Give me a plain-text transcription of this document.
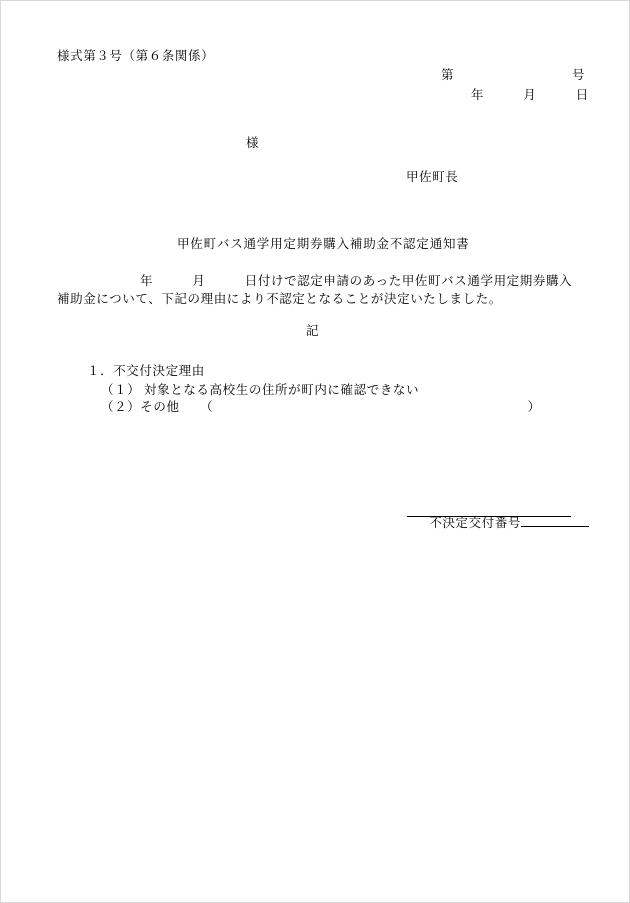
様式第３号（第６条関係）
第　　　　　　　　　号
年　　　月　　　日
様
甲佐町長
甲佐町バス通学用定期券購入補助金不認定通知書
年　　　月　　　日付けで認定申請のあった甲佐町バス通学用定期券購入
補助金について、下記の理由により不認定となることが決定いたしました。
記
１．不交付決定理由
（１） 対象となる高校生の住所が町内に確認できない
（２）その他　  （　　　　　　　　　　　　　　　　　　　　　　　　）

不決定交付番号
